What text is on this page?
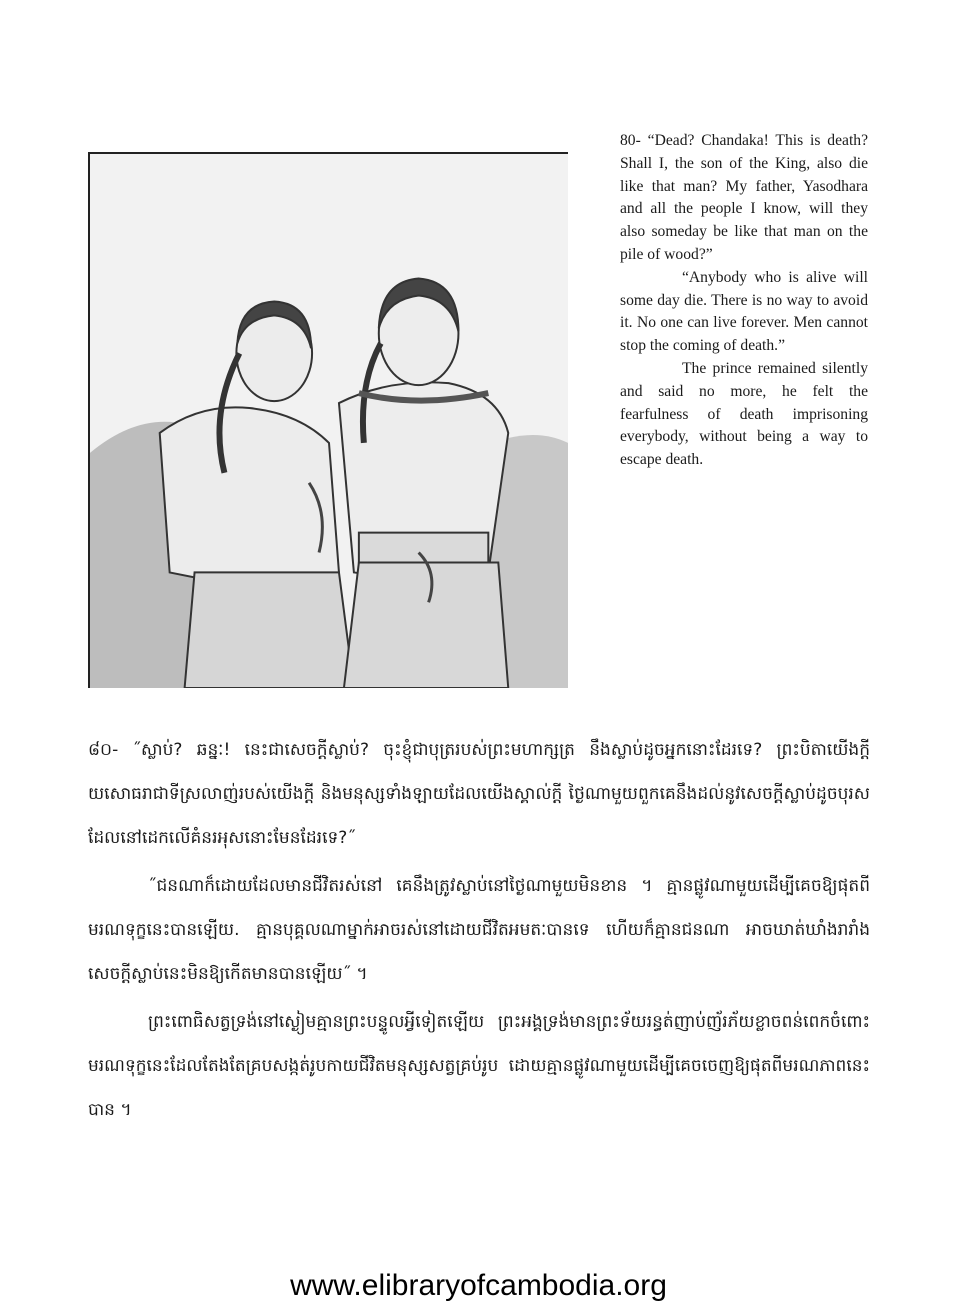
80- “Dead? Chandaka! This is death? Shall I, the son of the King, also die like that man? My father, Yasodhara and all the people I know, will they also someday be like that man on the pile of wood?”

“Anybody who is alive will some day die. There is no way to avoid it. No one can live forever. Men cannot stop the coming of death.”

The prince remained silently and said no more, he felt the fearfulness of death imprisoning everybody, without being a way to escape death.

៨០- ˝ស្លាប់? ឆន្នៈ! នេះជាសេចក្ដីស្លាប់? ចុះខ្ញុំជាបុត្ររបស់ព្រះមហាក្សត្រ នឹងស្លាប់ដូចអ្នកនោះដែរទេ? ព្រះបិតាយើងក្ដី យសោធរាជាទីស្រលាញ់របស់យើងក្ដី និងមនុស្សទាំងឡាយដែលយើងស្គាល់ក្ដី ថ្ងៃណាមួយពួកគេនឹងដល់នូវសេចក្ដីស្លាប់ដូចបុរសដែលនៅដេកលើគំនរអុសនោះមែនដែរទេ?˝

˝ជនណាក៏ដោយដែលមានជីវិតរស់នៅ គេនឹងត្រូវស្លាប់នៅថ្ងៃណាមួយមិនខាន ។ គ្មានផ្លូវណាមួយដើម្បីគេចឱ្យផុតពីមរណទុក្ខនេះបានឡើយ. គ្មានបុគ្គលណាម្នាក់អាចរស់នៅដោយជីវិតអមតៈបានទេ ហើយក៏គ្មានជនណា អាចឃាត់ឃាំងរារាំងសេចក្ដីស្លាប់នេះមិនឱ្យកើតមានបានឡើយ˝ ។

ព្រះពោធិសត្វទ្រង់នៅស្ងៀមគ្មានព្រះបន្ទូលអ្វីទៀតឡើយ ព្រះអង្គទ្រង់មានព្រះទ័យរន្ធត់ញាប់ញ័រភ័យខ្លាចពន់ពេកចំពោះមរណទុក្ខនេះដែលតែងតែគ្របសង្កត់រូបកាយជីវិតមនុស្សសត្វគ្រប់រូប ដោយគ្មានផ្លូវណាមួយដើម្បីគេចចេញឱ្យផុតពីមរណភាពនេះបាន ។

www.elibraryofcambodia.org
